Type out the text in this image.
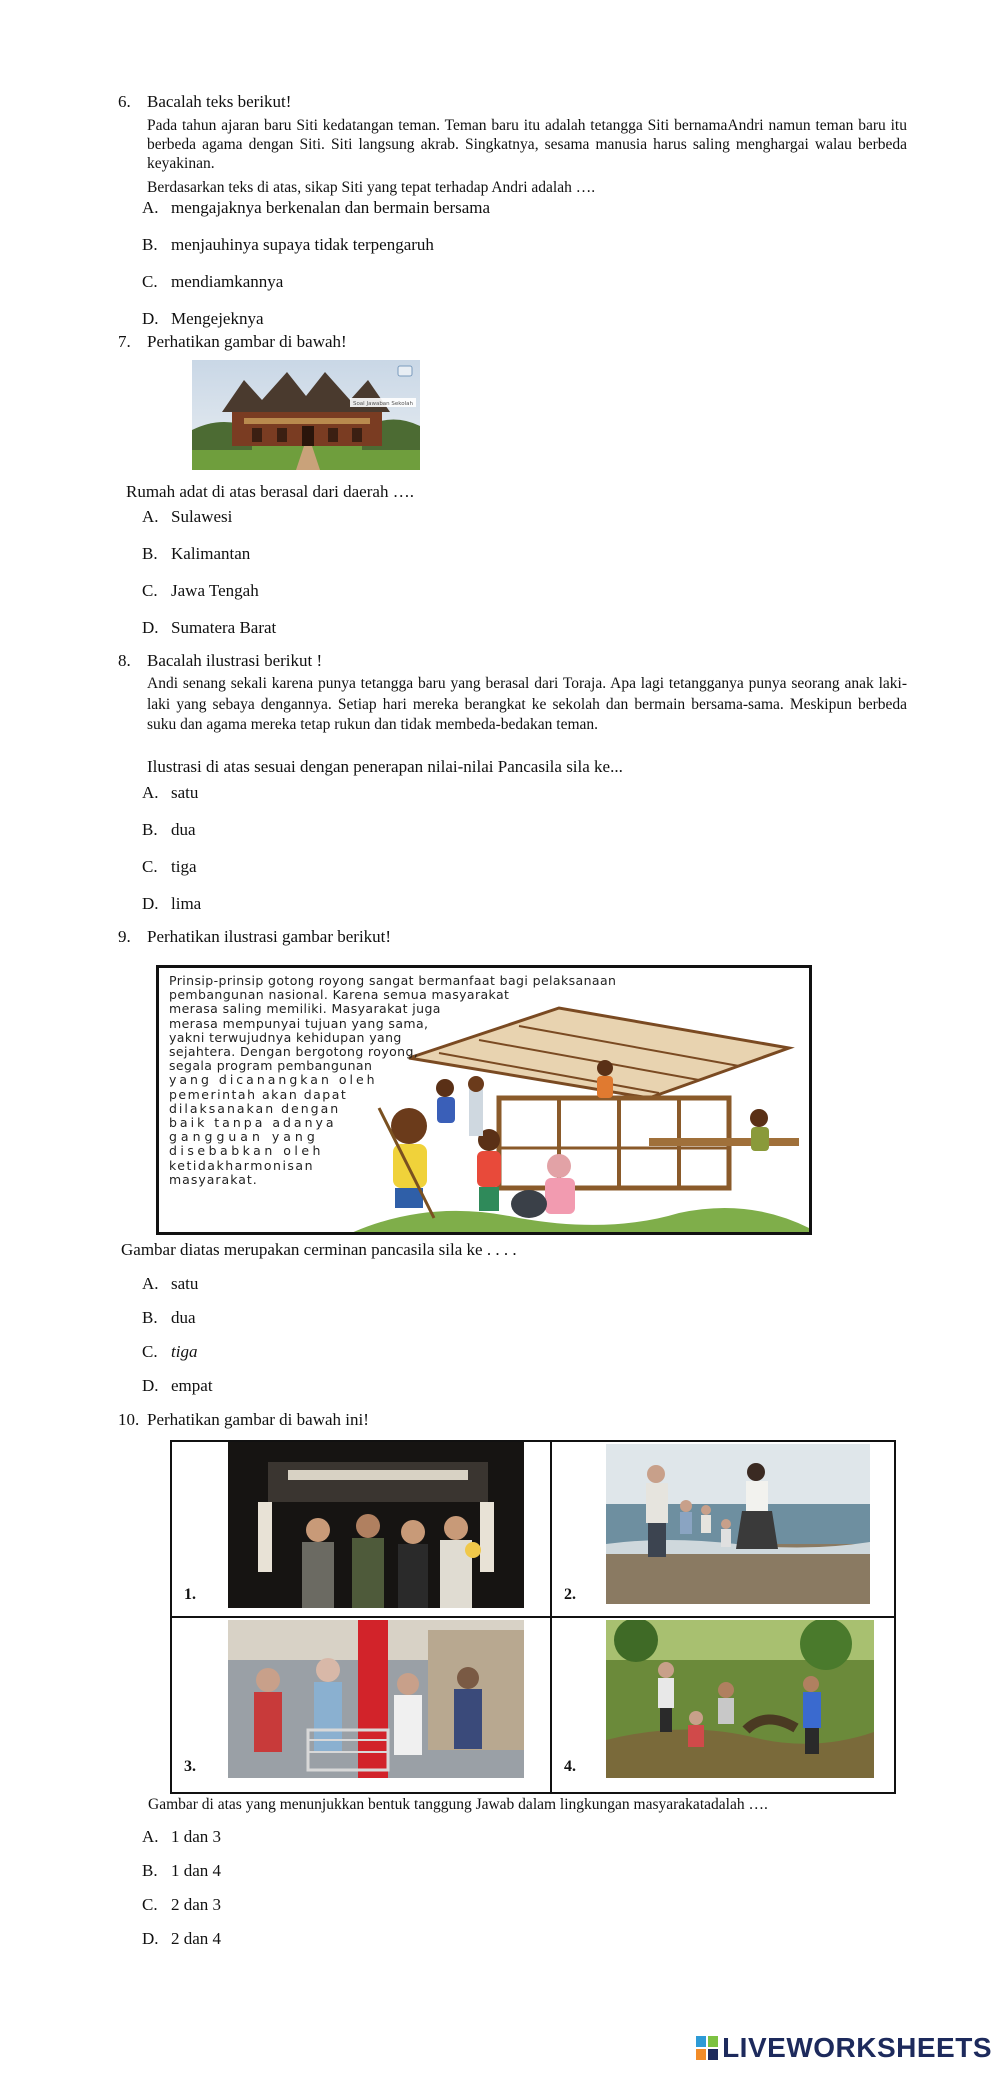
6. Bacalah teks berikut!
Pada tahun ajaran baru Siti kedatangan teman. Teman baru itu adalah tetangga Siti bernamaAndri namun teman baru itu berbeda agama dengan Siti. Siti langsung akrab. Singkatnya, sesama manusia harus saling menghargai walau berbeda keyakinan.
Berdasarkan teks di atas, sikap Siti yang tepat terhadap Andri adalah ….
A. mengajaknya berkenalan dan bermain bersama
B. menjauhinya supaya tidak terpengaruh
C. mendiamkannya
D. Mengejeknya
7. Perhatikan gambar di bawah!
Soal Jawaban Sekolah
Rumah adat di atas berasal dari daerah ….
A. Sulawesi
B. Kalimantan
C. Jawa Tengah
D. Sumatera Barat
8. Bacalah ilustrasi berikut !
Andi senang sekali karena punya tetangga baru yang berasal dari Toraja. Apa lagi tetangganya punya seorang anak laki-laki yang sebaya dengannya. Setiap hari mereka berangkat ke sekolah dan bermain bersama-sama. Meskipun berbeda suku dan agama mereka tetap rukun dan tidak membeda-bedakan teman.
Ilustrasi di atas sesuai dengan penerapan nilai-nilai Pancasila sila ke...
A. satu
B. dua
C. tiga
D. lima
9. Perhatikan ilustrasi gambar berikut!
Prinsip-prinsip gotong royong sangat bermanfaat bagi pelaksanaan
pembangunan nasional. Karena semua masyarakat
merasa saling memiliki. Masyarakat juga
merasa mempunyai tujuan yang sama,
yakni terwujudnya kehidupan yang
sejahtera. Dengan bergotong royong,
segala program pembangunan
yang dicanangkan oleh
pemerintah akan dapat
dilaksanakan dengan
baik tanpa adanya
gangguan yang
disebabkan oleh
ketidakharmonisan
masyarakat.
Gambar diatas merupakan cerminan pancasila sila ke . . . .
A. satu
B. dua
C. tiga
D. empat
10. Perhatikan gambar di bawah ini!
1.	2.
3.	4.
Gambar di atas yang menunjukkan bentuk tanggung Jawab dalam lingkungan masyarakatadalah ….
A. 1 dan 3
B. 1 dan 4
C. 2 dan 3
D. 2 dan 4
LIVEWORKSHEETS
